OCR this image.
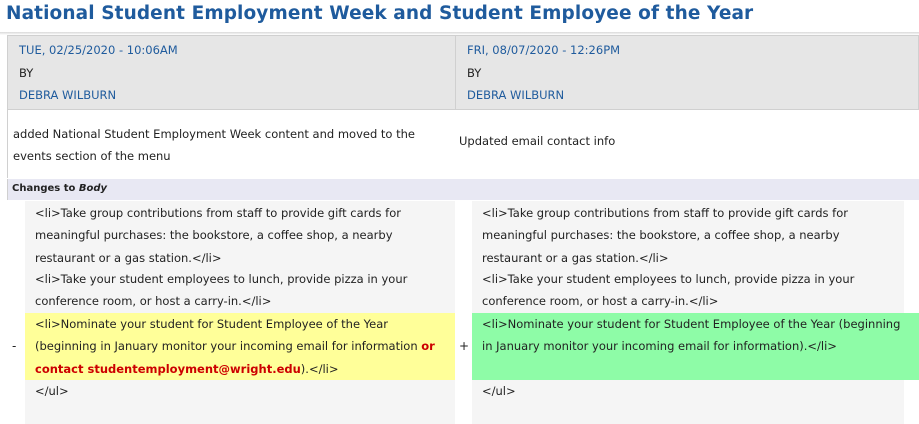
National Student Employment Week and Student Employee of the Year
TUE, 02/25/2020 - 10:06AM
BY
DEBRA WILBURN
FRI, 08/07/2020 - 12:26PM
BY
DEBRA WILBURN
added National Student Employment Week content and moved to the events section of the menu
Updated email contact info
Changes to Body
<li>Take group contributions from staff to provide gift cards for meaningful purchases: the bookstore, a coffee shop, a nearby restaurant or a gas station.</li>
<li>Take group contributions from staff to provide gift cards for meaningful purchases: the bookstore, a coffee shop, a nearby restaurant or a gas station.</li>
<li>Take your student employees to lunch, provide pizza in your conference room, or host a carry-in.</li>
<li>Take your student employees to lunch, provide pizza in your conference room, or host a carry-in.</li>
-
<li>Nominate your student for Student Employee of the Year (beginning in January monitor your incoming email for information or contact studentemployment@wright.edu).</li>
+
<li>Nominate your student for Student Employee of the Year (beginning in January monitor your incoming email for information).</li>
</ul>	</ul>
